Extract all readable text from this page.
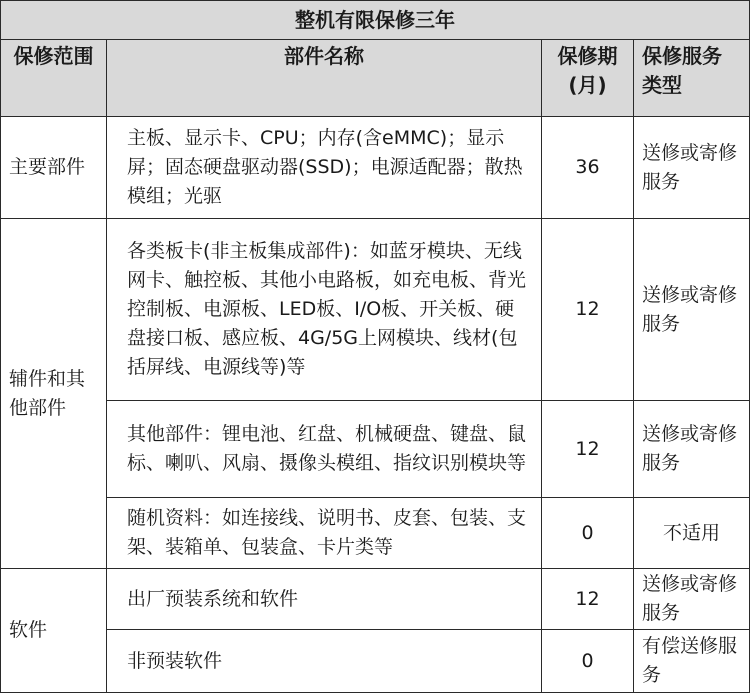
整机有限保修三年			
保修范围	部件名称	保修期(月)	保修服务类型
主要部件	主板、显示卡、CPU；内存(含eMMC)；显示屏；固态硬盘驱动器(SSD)；电源适配器；散热模组；光驱	36	送修或寄修服务
辅件和其他部件	各类板卡(非主板集成部件)：如蓝牙模块、无线网卡、触控板、其他小电路板，如充电板、背光控制板、电源板、LED板、I/O板、开关板、硬盘接口板、感应板、4G/5G上网模块、线材(包括屏线、电源线等)等	12	送修或寄修服务
	其他部件：锂电池、红盘、机械硬盘、键盘、鼠标、喇叭、风扇、摄像头模组、指纹识别模块等	12	送修或寄修服务
	随机资料：如连接线、说明书、皮套、包装、支架、装箱单、包装盒、卡片类等	0	不适用
软件	出厂预装系统和软件	12	送修或寄修服务
	非预装软件	0	有偿送修服务
